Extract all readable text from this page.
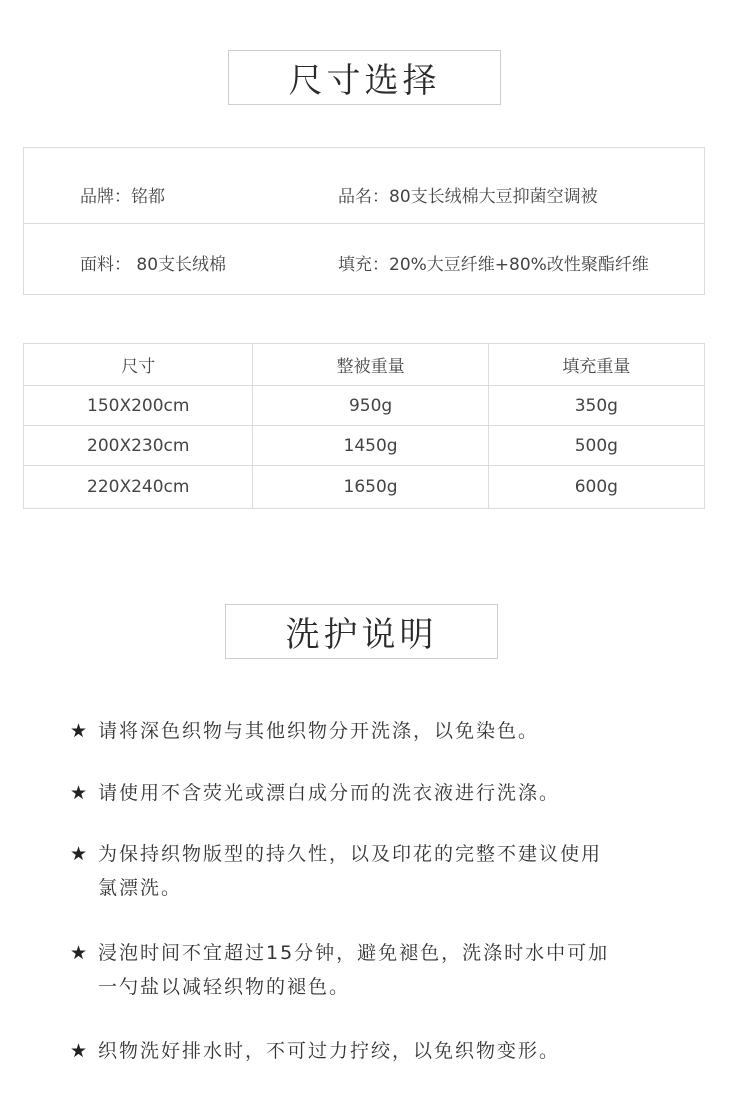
尺寸选择
品牌：铭都	品名：80支长绒棉大豆抑菌空调被
面料： 80支长绒棉	填充：20%大豆纤维+80%改性聚酯纤维
尺寸	整被重量	填充重量
150X200cm	950g	350g
200X230cm	1450g	500g
220X240cm	1650g	600g
洗护说明
★ 请将深色织物与其他织物分开洗涤，以免染色。
★ 请使用不含荧光或漂白成分而的洗衣液进行洗涤。
★ 为保持织物版型的持久性，以及印花的完整不建议使用氯漂洗。
★ 浸泡时间不宜超过15分钟，避免褪色，洗涤时水中可加一勺盐以减轻织物的褪色。
★ 织物洗好排水时，不可过力拧绞，以免织物变形。
